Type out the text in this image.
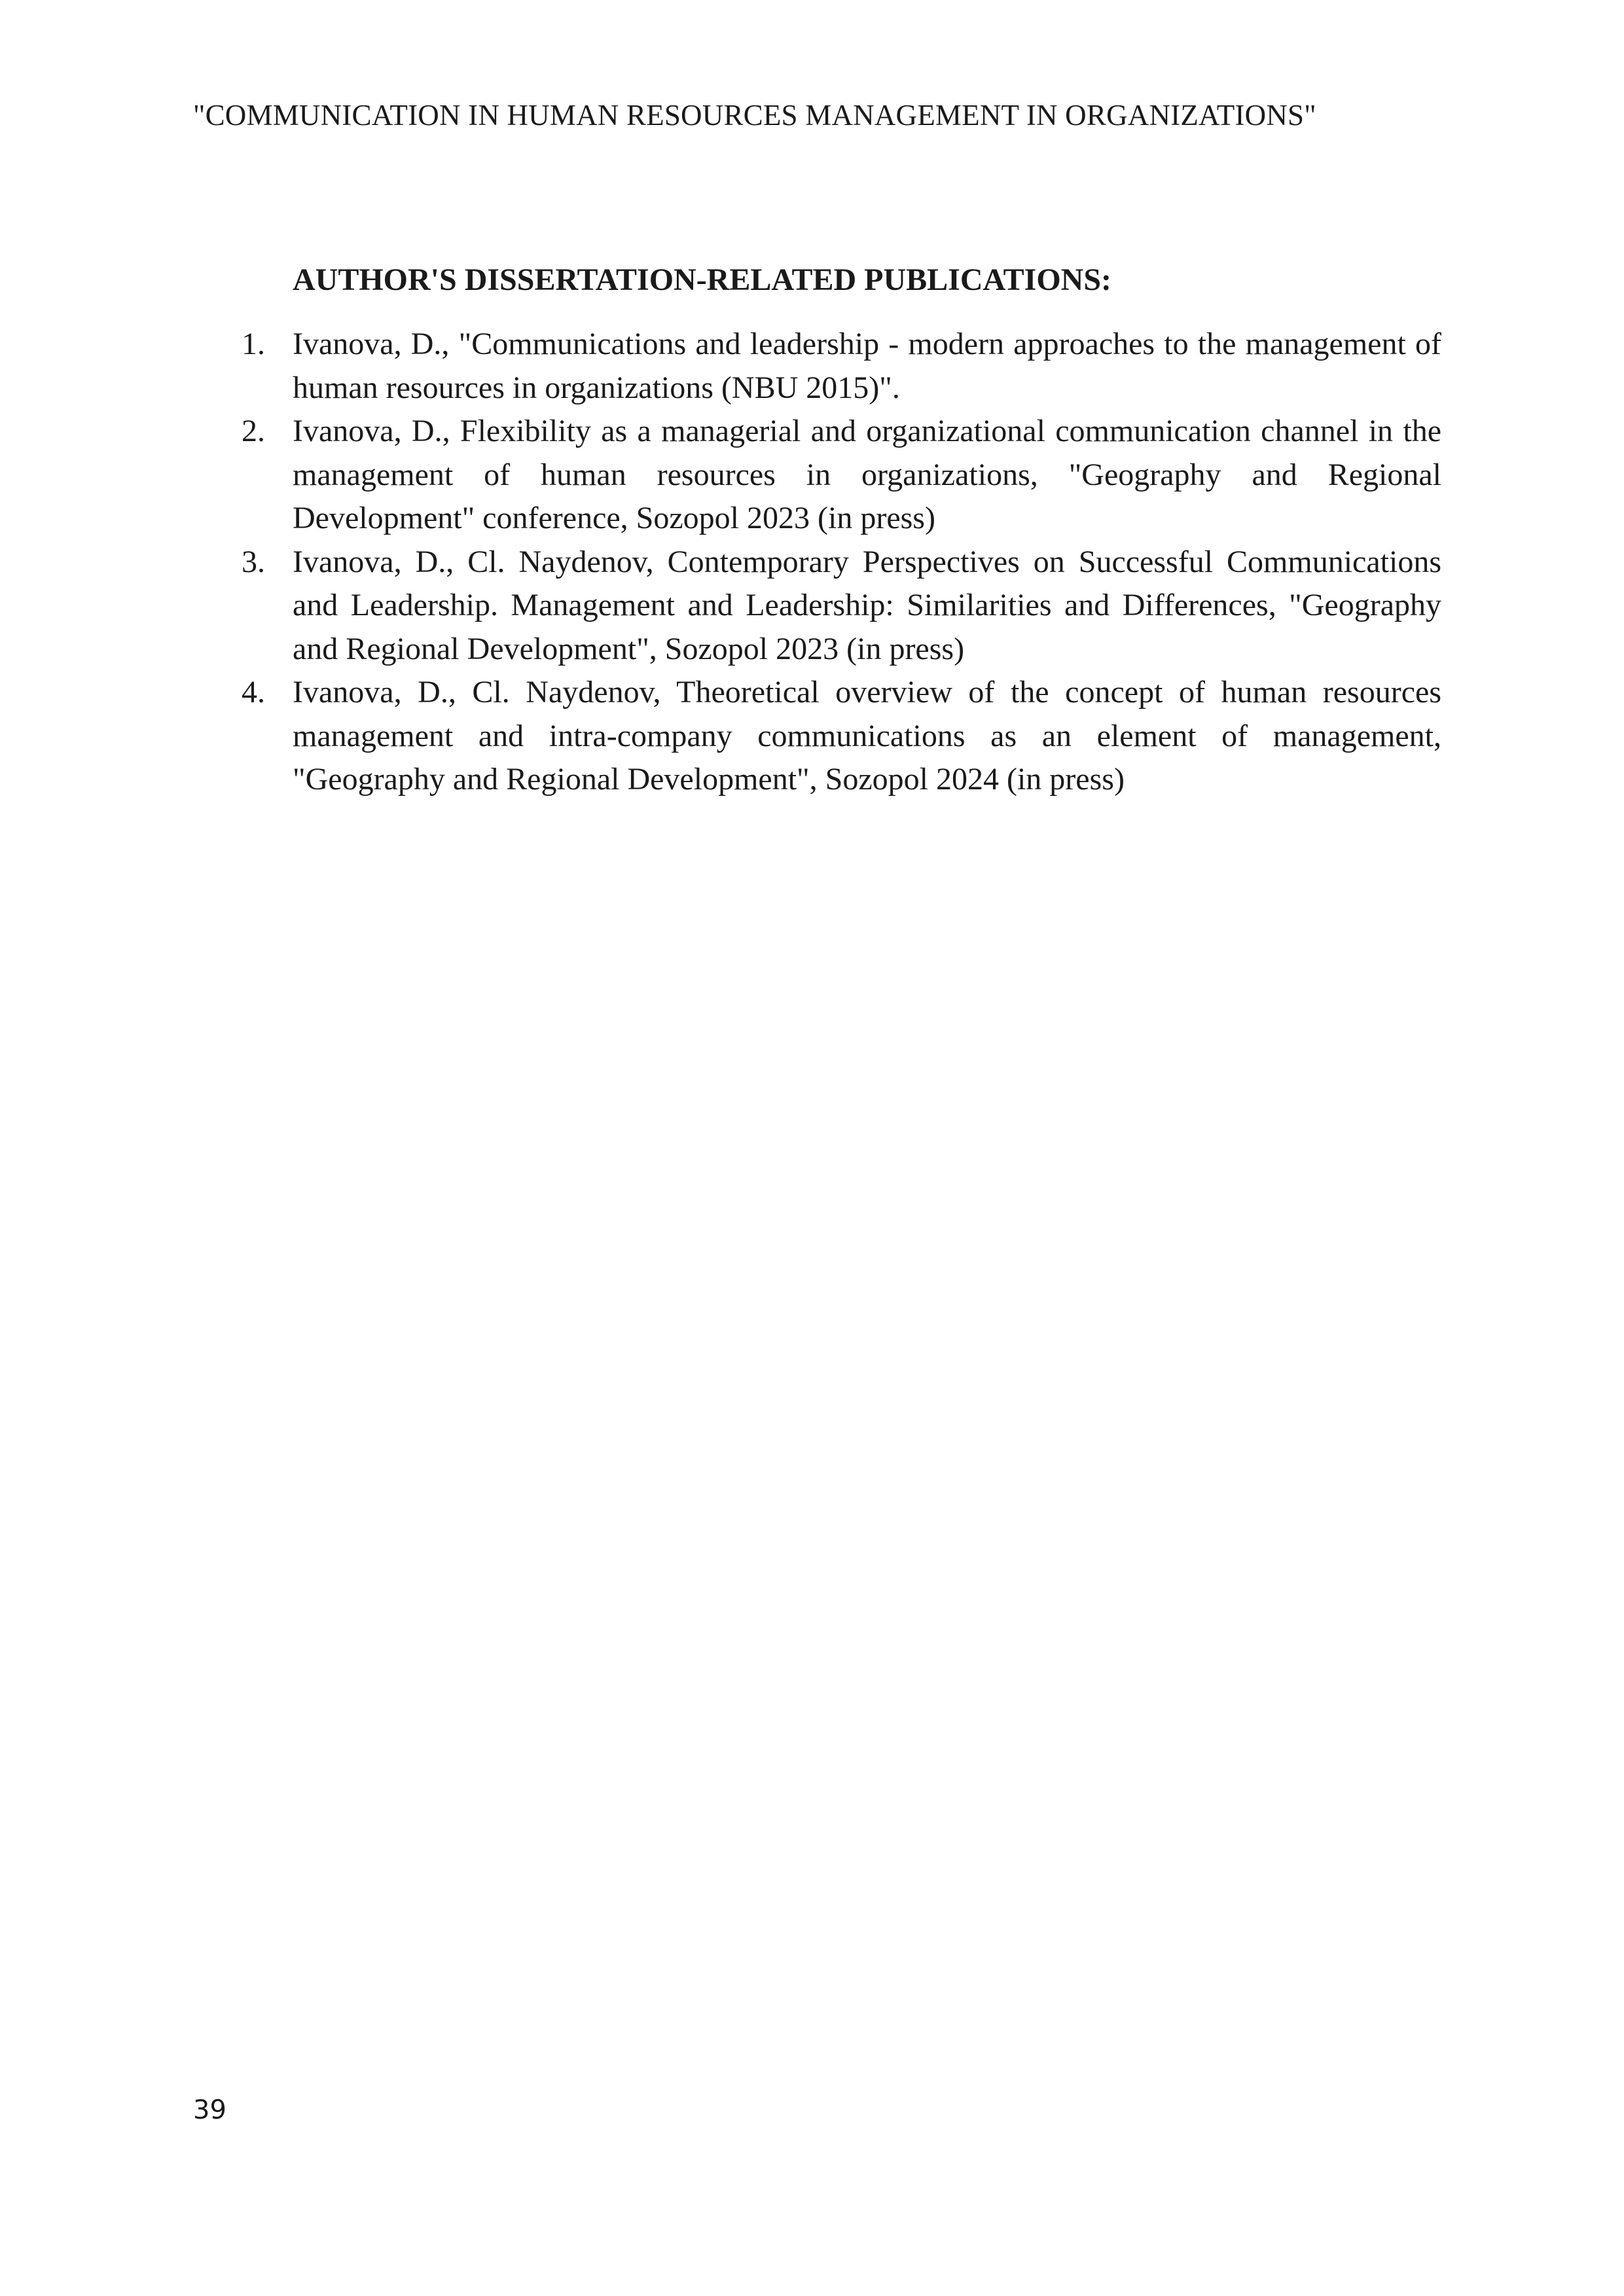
"COMMUNICATION IN HUMAN RESOURCES MANAGEMENT IN ORGANIZATIONS"
AUTHOR'S DISSERTATION-RELATED PUBLICATIONS:
1. Ivanova, D., "Communications and leadership - modern approaches to the management of human resources in organizations (NBU 2015)".
2. Ivanova, D., Flexibility as a managerial and organizational communication channel in the management of human resources in organizations, "Geography and Regional Development" conference, Sozopol 2023 (in press)
3. Ivanova, D., Cl. Naydenov, Contemporary Perspectives on Successful Communications and Leadership. Management and Leadership: Similarities and Differences, "Geography and Regional Development", Sozopol 2023 (in press)
4. Ivanova, D., Cl. Naydenov, Theoretical overview of the concept of human resources management and intra-company communications as an element of management, "Geography and Regional Development", Sozopol 2024 (in press)
39
